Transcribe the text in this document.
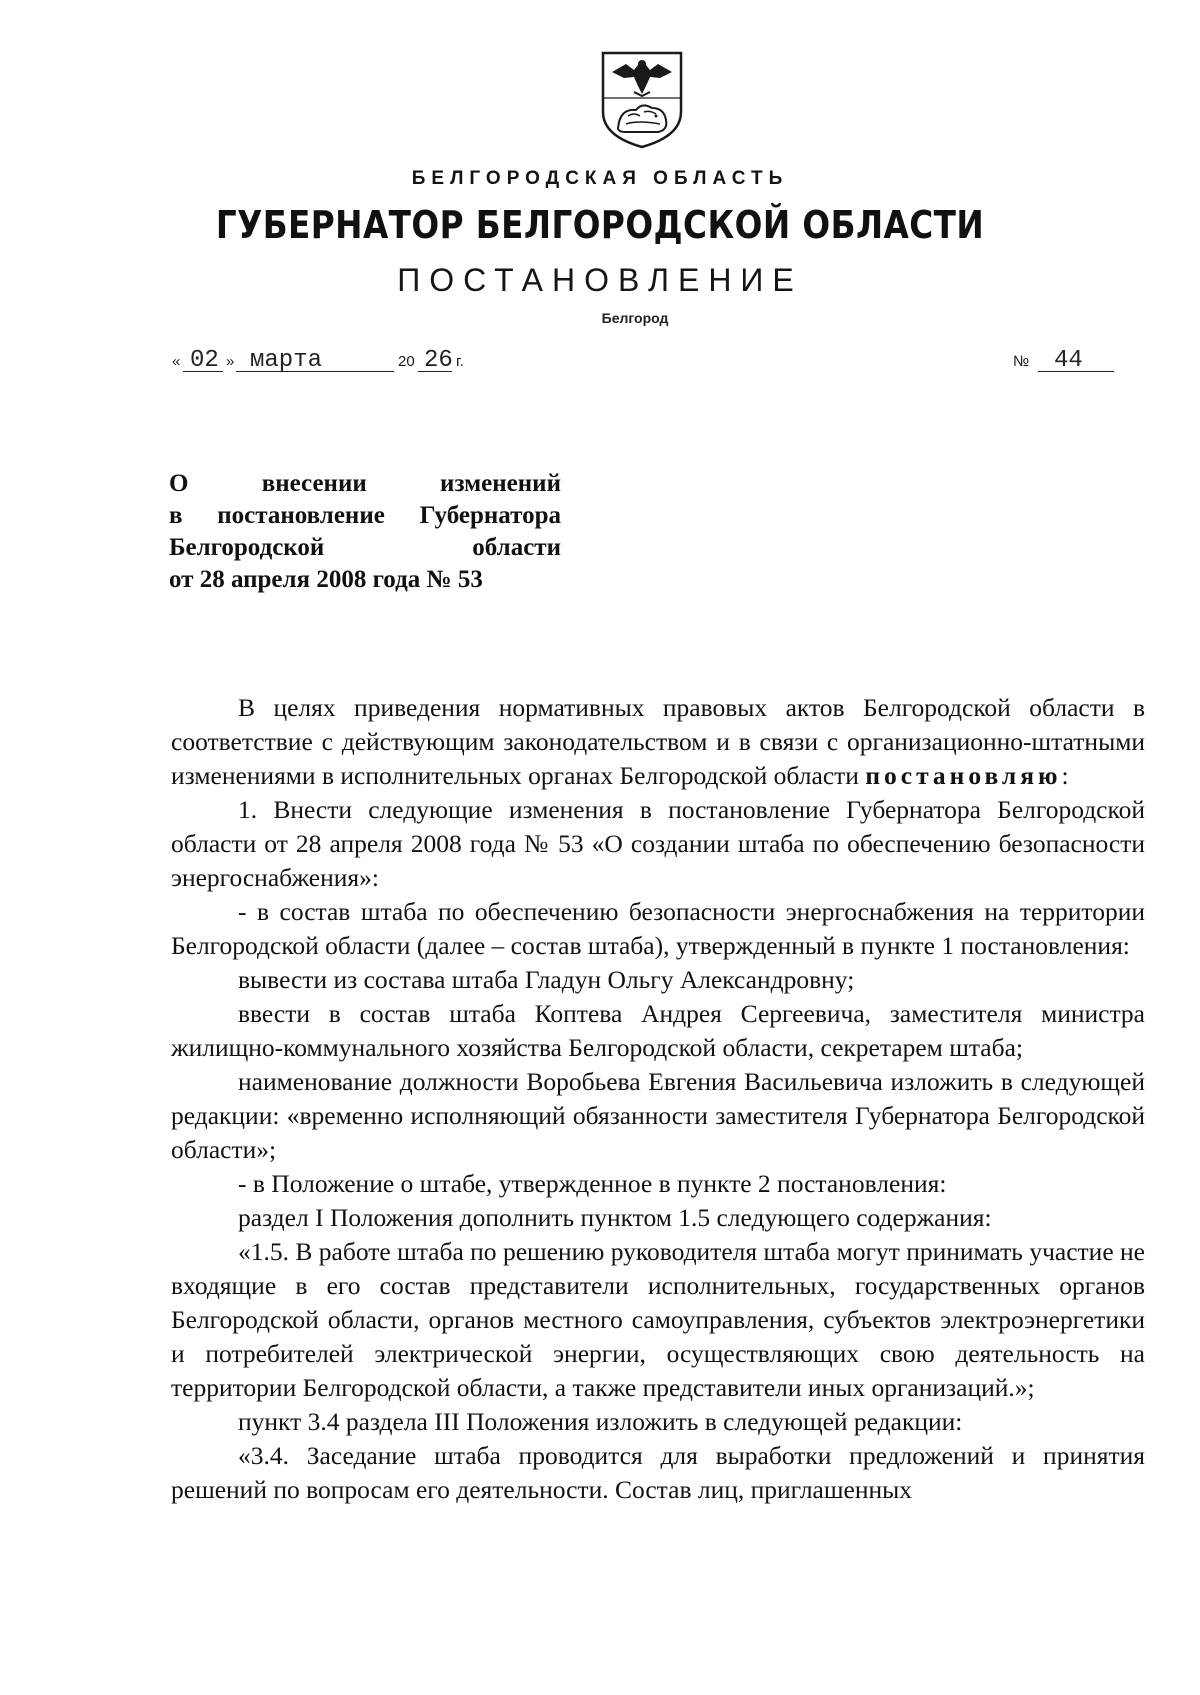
БЕЛГОРОДСКАЯ ОБЛАСТЬ
ГУБЕРНАТОР БЕЛГОРОДСКОЙ ОБЛАСТИ
ПОСТАНОВЛЕНИЕ
Белгород
« 02 » марта	20 26 г.	№ 44
О внесении изменений
в постановление Губернатора
Белгородской области
от 28 апреля 2008 года № 53

В целях приведения нормативных правовых актов Белгородской области в соответствие с действующим законодательством и в связи с организационно-штатными изменениями в исполнительных органах Белгородской области постановляю:

1. Внести следующие изменения в постановление Губернатора Белгородской области от 28 апреля 2008 года № 53 «О создании штаба по обеспечению безопасности энергоснабжения»:

- в состав штаба по обеспечению безопасности энергоснабжения на территории Белгородской области (далее – состав штаба), утвержденный в пункте 1 постановления:

вывести из состава штаба Гладун Ольгу Александровну;

ввести в состав штаба Коптева Андрея Сергеевича, заместителя министра жилищно-коммунального хозяйства Белгородской области, секретарем штаба;

наименование должности Воробьева Евгения Васильевича изложить в следующей редакции: «временно исполняющий обязанности заместителя Губернатора Белгородской области»;

- в Положение о штабе, утвержденное в пункте 2 постановления:

раздел I Положения дополнить пунктом 1.5 следующего содержания:

«1.5. В работе штаба по решению руководителя штаба могут принимать участие не входящие в его состав представители исполнительных, государственных органов Белгородской области, органов местного самоуправления, субъектов электроэнергетики и потребителей электрической энергии, осуществляющих свою деятельность на территории Белгородской области, а также представители иных организаций.»;

пункт 3.4 раздела III Положения изложить в следующей редакции:

«3.4. Заседание штаба проводится для выработки предложений и принятия решений по вопросам его деятельности. Состав лиц, приглашенных
